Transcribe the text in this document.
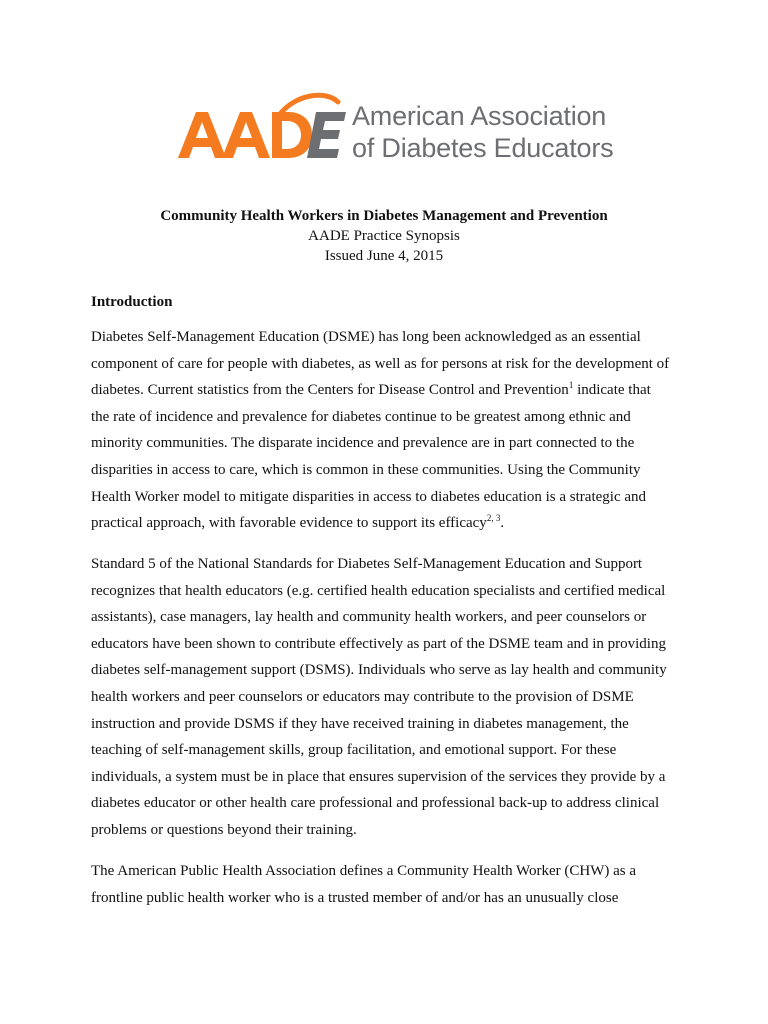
American Association
of Diabetes Educators
Community Health Workers in Diabetes Management and Prevention
AADE Practice Synopsis
Issued June 4, 2015
Introduction
Diabetes Self-Management Education (DSME) has long been acknowledged as an essential
component of care for people with diabetes, as well as for persons at risk for the development of
diabetes. Current statistics from the Centers for Disease Control and Prevention$^1$ indicate that
the rate of incidence and prevalence for diabetes continue to be greatest among ethnic and
minority communities. The disparate incidence and prevalence are in part connected to the
disparities in access to care, which is common in these communities. Using the Community
Health Worker model to mitigate disparities in access to diabetes education is a strategic and
practical approach, with favorable evidence to support its efficacy$^{2, 3}$.
Standard 5 of the National Standards for Diabetes Self-Management Education and Support
recognizes that health educators (e.g. certified health education specialists and certified medical
assistants), case managers, lay health and community health workers, and peer counselors or
educators have been shown to contribute effectively as part of the DSME team and in providing
diabetes self-management support (DSMS). Individuals who serve as lay health and community
health workers and peer counselors or educators may contribute to the provision of DSME
instruction and provide DSMS if they have received training in diabetes management, the
teaching of self-management skills, group facilitation, and emotional support. For these
individuals, a system must be in place that ensures supervision of the services they provide by a
diabetes educator or other health care professional and professional back-up to address clinical
problems or questions beyond their training.
The American Public Health Association defines a Community Health Worker (CHW) as a
frontline public health worker who is a trusted member of and/or has an unusually close
